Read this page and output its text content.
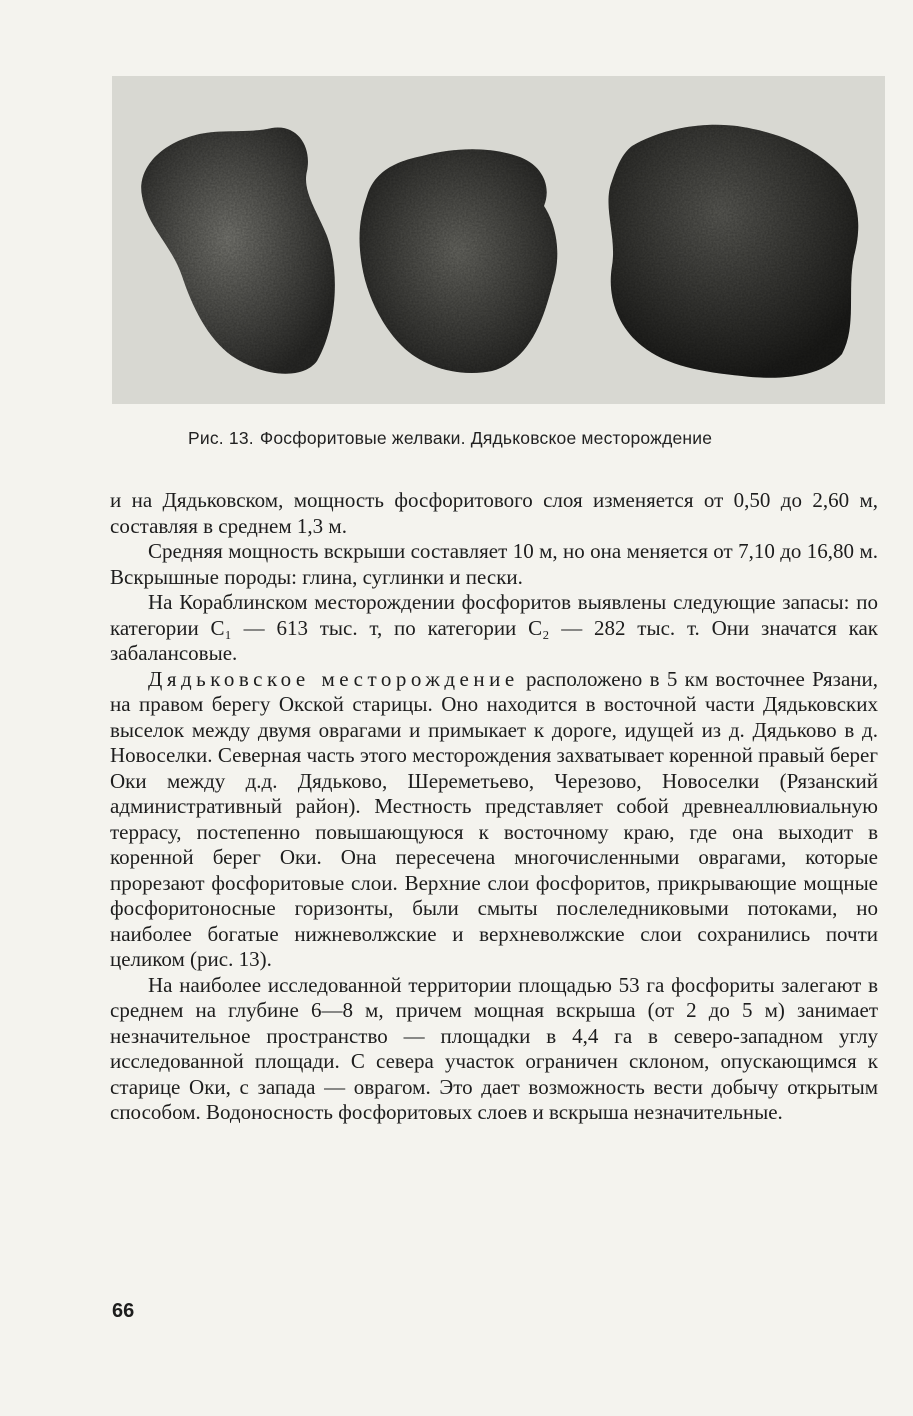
Рис. 13. Фосфоритовые желваки. Дядьковское месторождение

и на Дядьковском, мощность фосфоритового слоя изменяется от 0,50 до 2,60 м, составляя в среднем 1,3 м.

Средняя мощность вскрыши составляет 10 м, но она меняется от 7,10 до 16,80 м. Вскрышные породы: глина, суглинки и пески.

На Кораблинском месторождении фосфоритов выявлены следующие запасы: по категории C₁ — 613 тыс. т, по категории C₂ — 282 тыс. т. Они значатся как забалансовые.

Дядьковское месторождение расположено в 5 км восточнее Рязани, на правом берегу Окской старицы. Оно находится в восточной части Дядьковских выселок между двумя оврагами и примыкает к дороге, идущей из д. Дядьково в д. Новоселки. Северная часть этого месторождения захватывает коренной правый берег Оки между д.д. Дядьково, Шереметьево, Черезово, Новоселки (Рязанский административный район). Местность представляет собой древнеаллювиальную террасу, постепенно повышающуюся к восточному краю, где она выходит в коренной берег Оки. Она пересечена многочисленными оврагами, которые прорезают фосфоритовые слои. Верхние слои фосфоритов, прикрывающие мощные фосфоритоносные горизонты, были смыты послеледниковыми потоками, но наиболее богатые нижневолжские и верхневолжские слои сохранились почти целиком (рис. 13).

На наиболее исследованной территории площадью 53 га фосфориты залегают в среднем на глубине 6—8 м, причем мощная вскрыша (от 2 до 5 м) занимает незначительное пространство — площадки в 4,4 га в северо-западном углу исследованной площади. С севера участок ограничен склоном, опускающимся к старице Оки, с запада — оврагом. Это дает возможность вести добычу открытым способом. Водоносность фосфоритовых слоев и вскрыша незначительные.

66
